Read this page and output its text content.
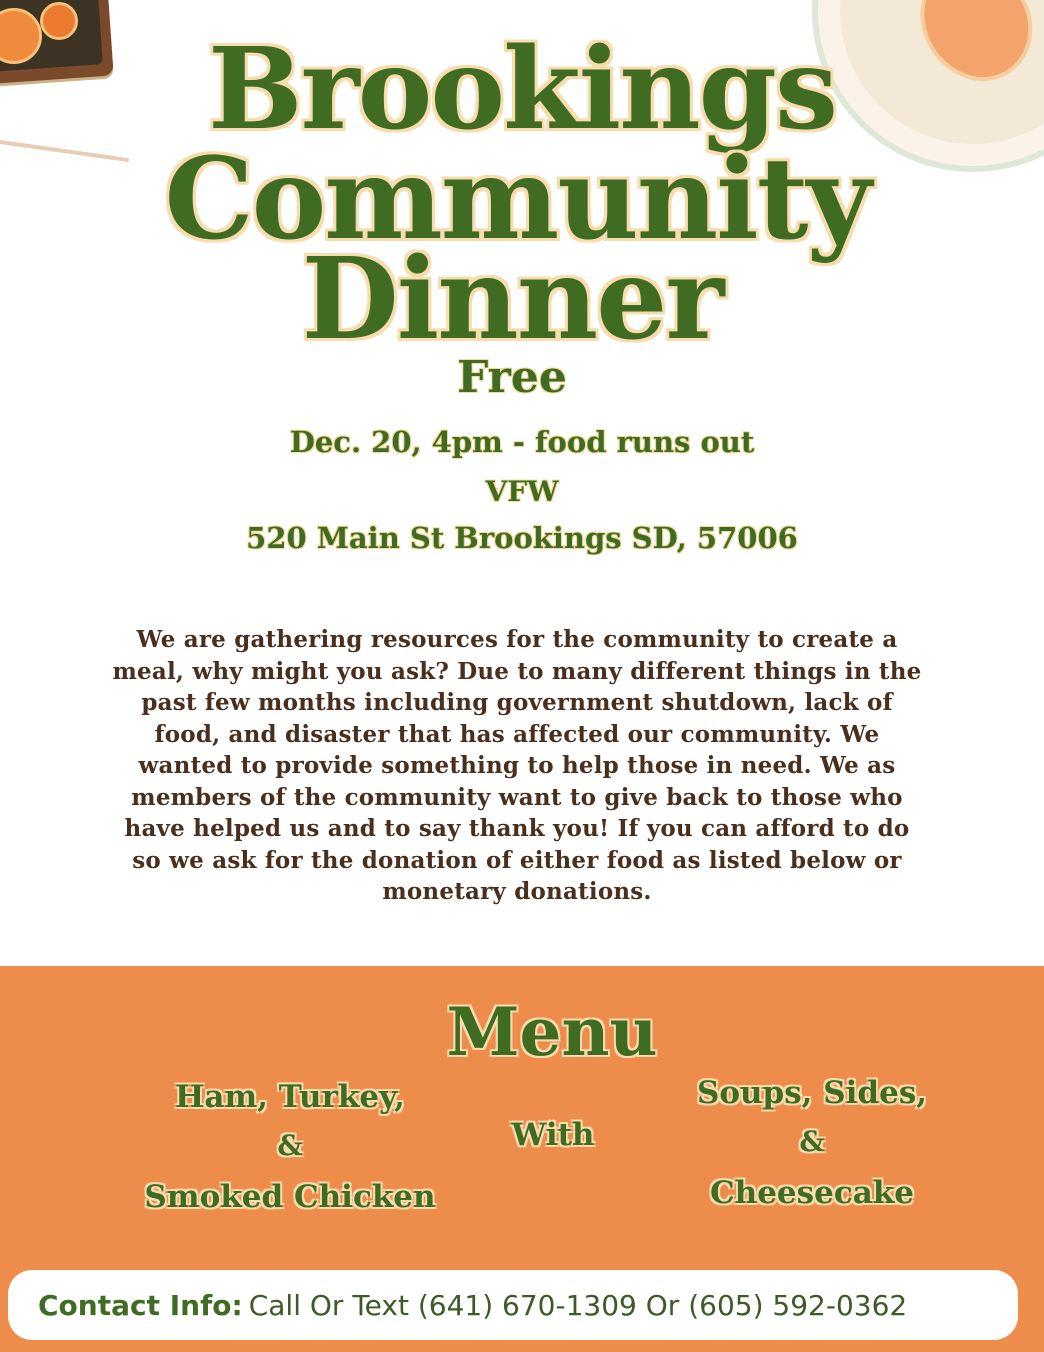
Brookings
Community
Dinner
Free
Dec. 20, 4pm - food runs out
VFW
520 Main St Brookings SD, 57006

We are gathering resources for the community to create a meal, why might you ask? Due to many different things in the past few months including government shutdown, lack of food, and disaster that has affected our community. We wanted to provide something to help those in need. We as members of the community want to give back to those who have helped us and to say thank you! If you can afford to do so we ask for the donation of either food as listed below or monetary donations.

Menu
Ham, Turkey,
&
Smoked Chicken
With
Soups, Sides,
&
Cheesecake
Contact Info: Call Or Text (641) 670-1309 Or (605) 592-0362
